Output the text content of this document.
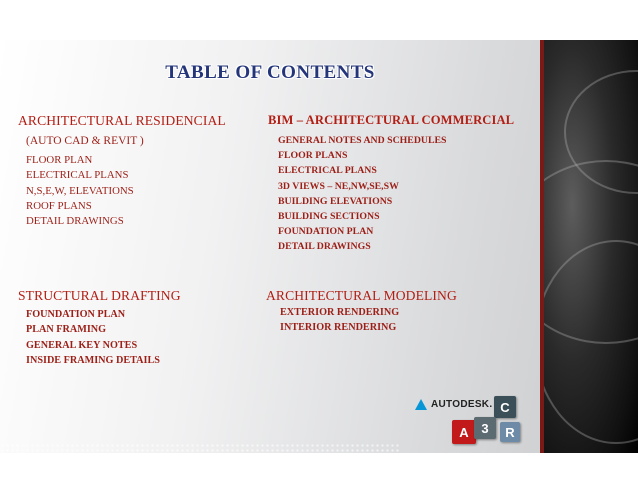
TABLE OF CONTENTS
ARCHITECTURAL RESIDENCIAL
(AUTO CAD & REVIT )
FLOOR PLAN
ELECTRICAL PLANS
N,S,E,W, ELEVATIONS
ROOF PLANS
DETAIL DRAWINGS
BIM – ARCHITECTURAL COMMERCIAL
GENERAL NOTES AND SCHEDULES
FLOOR PLANS
ELECTRICAL PLANS
3D VIEWS – NE,NW,SE,SW
BUILDING ELEVATIONS
BUILDING SECTIONS
FOUNDATION PLAN
DETAIL DRAWINGS
STRUCTURAL DRAFTING
FOUNDATION PLAN
PLAN FRAMING
GENERAL KEY NOTES
INSIDE FRAMING DETAILS
ARCHITECTURAL MODELING
EXTERIOR RENDERING
INTERIOR RENDERING
AUTODESK. C
A 3	R
